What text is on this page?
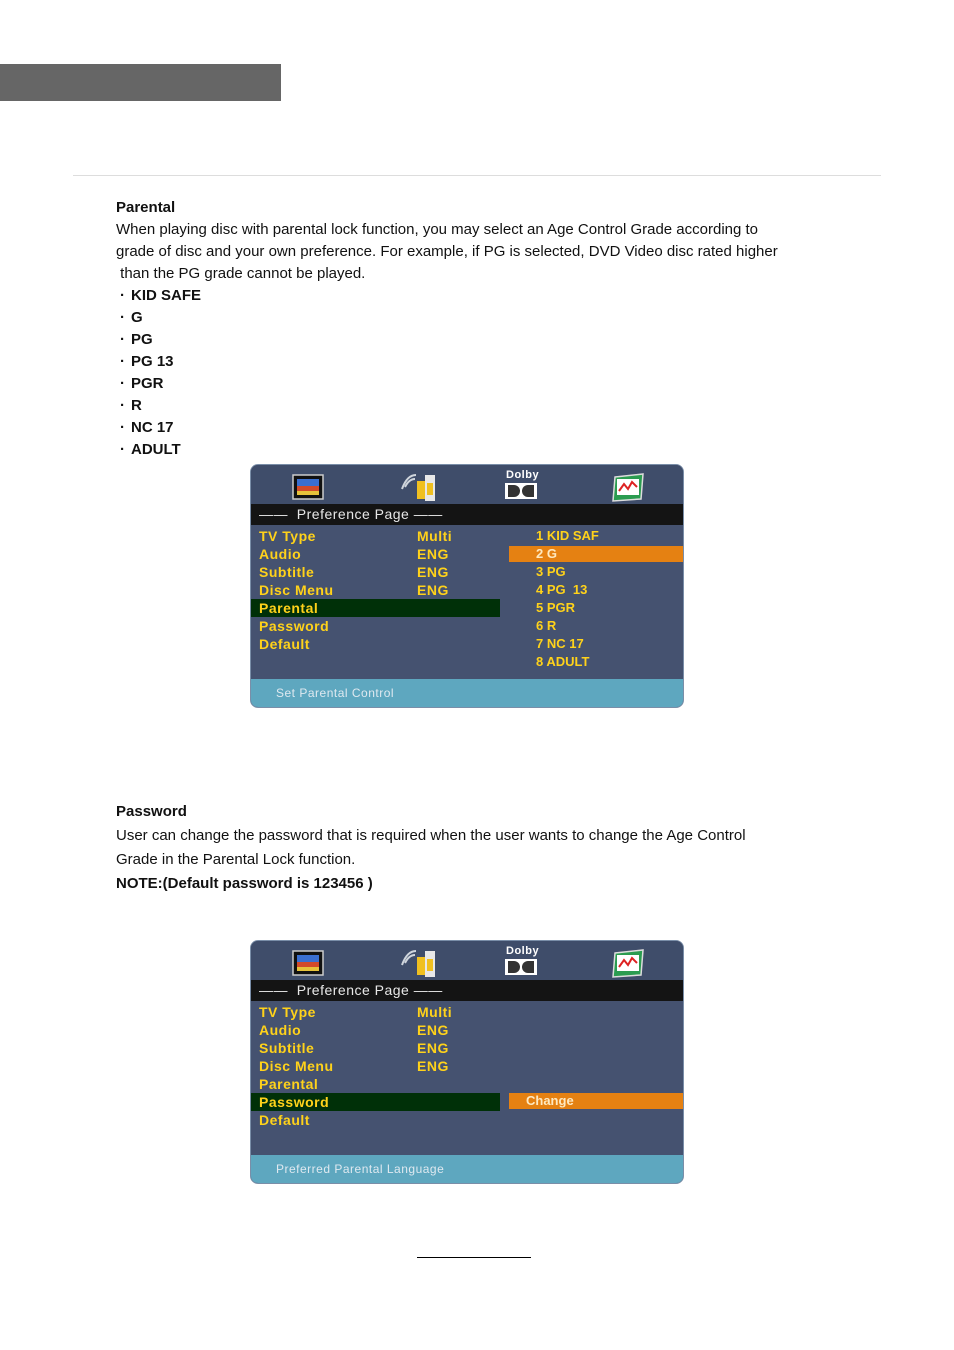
Parental
When playing disc with parental lock function, you may select an Age Control Grade according to
grade of disc and your own preference. For example, if PG is selected, DVD Video disc rated higher
than the PG grade cannot be played.
· KID SAFE
· G
· PG
· PG 13
· PGR
· R
· NC 17
· ADULT
Dolby
——  Preference Page ——
TV Type	Multi
Audio	ENG
Subtitle	ENG
Disc Menu	ENG
Parental
Password
Default
1 KID SAF
2 G
3 PG
4 PG  13
5 PGR
6 R
7 NC 17
8 ADULT
Set Parental Control
Password
User can change the password that is required when the user wants to change the Age Control
Grade in the Parental Lock function.
NOTE:(Default password is 123456 )
Dolby
——  Preference Page ——
TV Type	Multi
Audio	ENG
Subtitle	ENG
Disc Menu	ENG
Parental
Password
Default
Change
Preferred Parental Language
